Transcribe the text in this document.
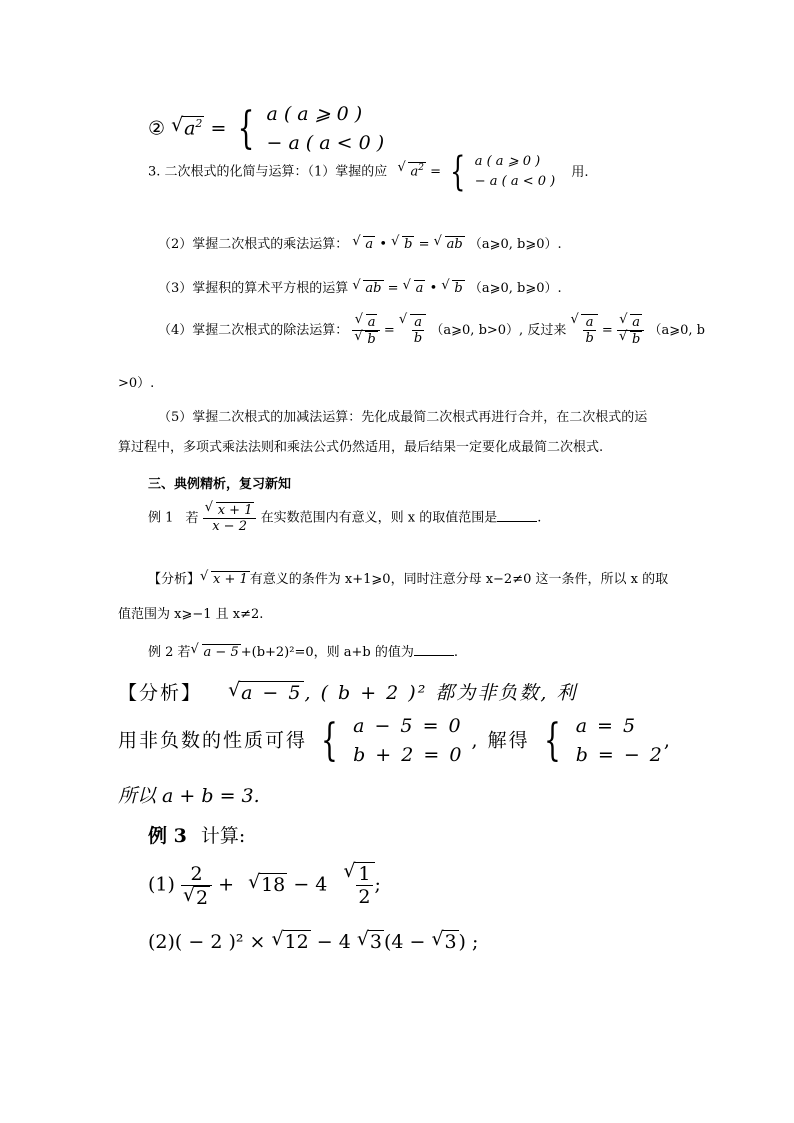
② √ $a^2$ = { a ( a ⩾ 0 )
− a ( a < 0 )
3. 二次根式的化简与运算：（1）掌握的应 √ $a^2$ = { a ( a ⩾ 0 )
− a ( a < 0 )
用.
（2）掌握二次根式的乘法运算： √ a • √ b = √ ab （a⩾0, b⩾0）.
（3）掌握积的算术平方根的运算 √ ab = √ a • √ b （a⩾0, b⩾0）.
（4）掌握二次根式的除法运算： √ a
√ b = √ $\frac{a}{b}$ （a⩾0, b>0）, 反过来 √ $\frac{a}{b}$ = √ a
√ b （a⩾0, b
>0）.
（5）掌握二次根式的加减法运算：先化成最简二次根式再进行合并，在二次根式的运
算过程中，多项式乘法法则和乘法公式仍然适用，最后结果一定要化成最简二次根式.
三、典例精析，复习新知
例 1 若 √ $\frac{x + 1}{x - 2}$ 在实数范围内有意义，则 x 的取值范围是	.
【分析】 √ x + 1 有意义的条件为 x+1⩾0，同时注意分母 x−2≠0 这一条件，所以 x 的取
值范围为 x⩾−1 且 x≠2.
例 2 若 √ a − 5 +(b+2)²=0，则 a+b 的值为	.
【分析】 √ a − 5 , ( b + 2 )² 都为非负数, 利
用非负数的性质可得 { a − 5 = 0
b + 2 = 0
, 解得 { a = 5
b = − 2
,
所以 a + b = 3.
例 3 计算:
(1) 2
√ 2 + √ 18 − 4 √ $\frac{1}{2}$ ;
(2)( − 2 )² × √ 12 − 4 √ 3 (4 − √ 3 ) ;
